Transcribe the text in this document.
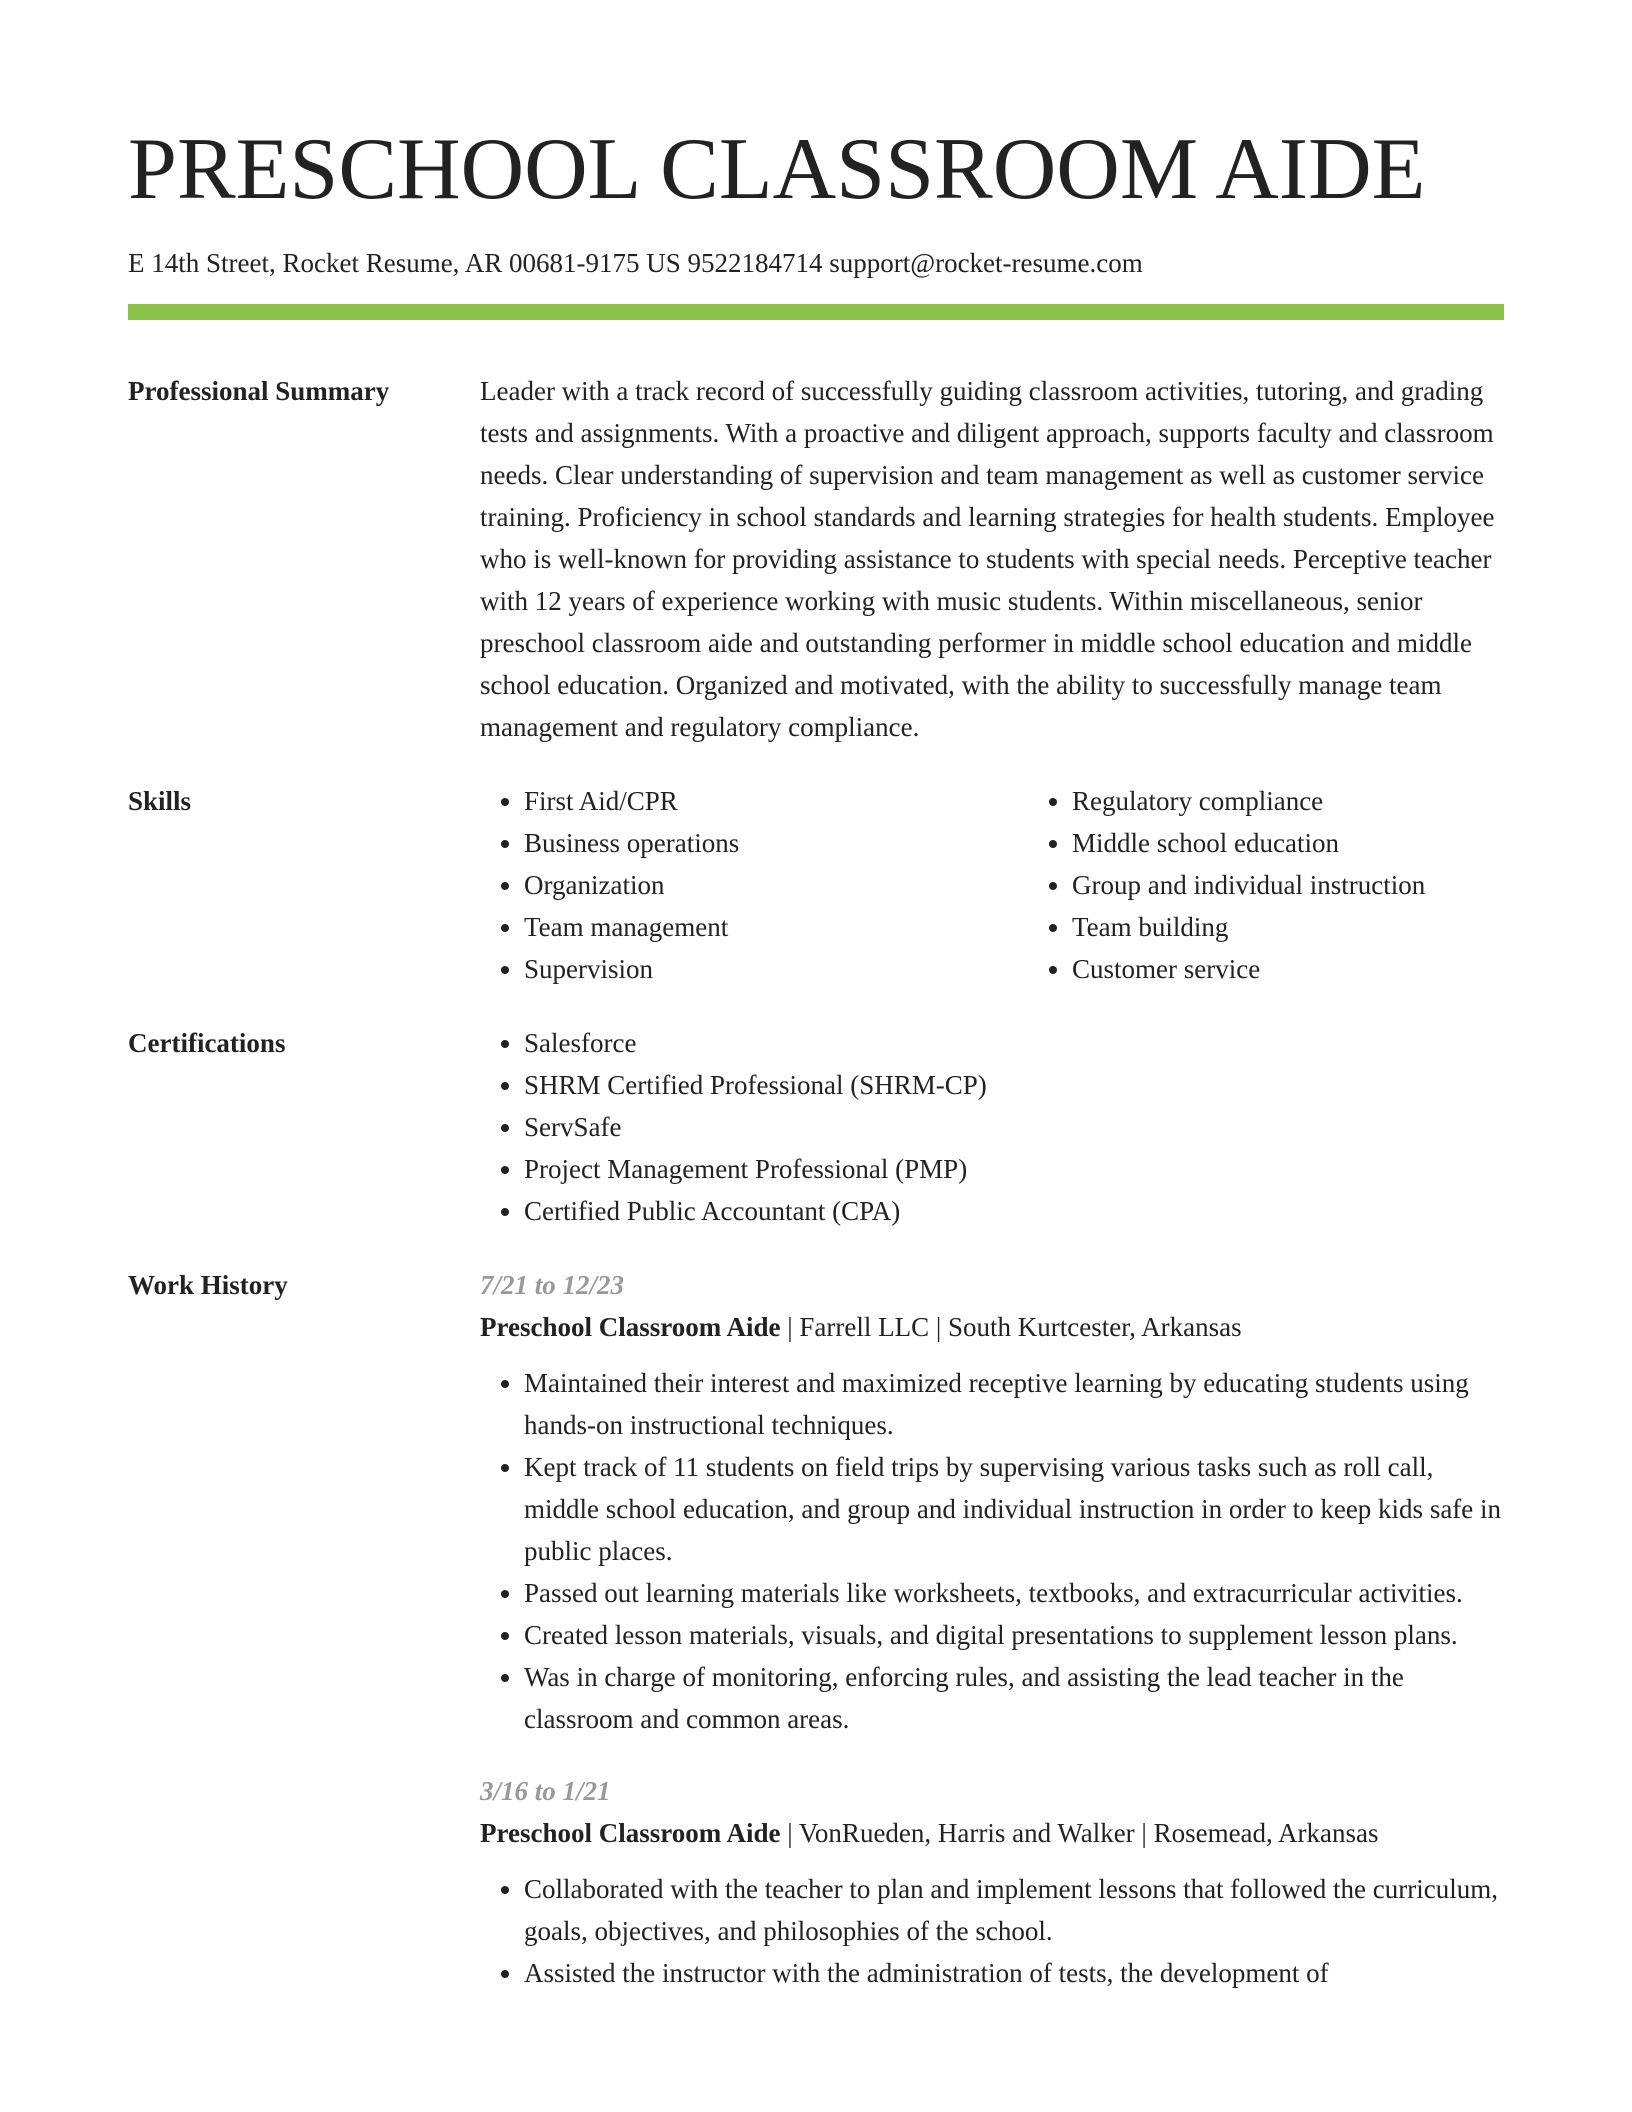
PRESCHOOL CLASSROOM AIDE
E 14th Street, Rocket Resume, AR 00681-9175 US 9522184714 support@rocket-resume.com
Professional Summary	Leader with a track record of successfully guiding classroom activities, tutoring, and grading tests and assignments. With a proactive and diligent approach, supports faculty and classroom needs. Clear understanding of supervision and team management as well as customer service training. Proficiency in school standards and learning strategies for health students. Employee who is well-known for providing assistance to students with special needs. Perceptive teacher with 12 years of experience working with music students. Within miscellaneous, senior preschool classroom aide and outstanding performer in middle school education and middle school education. Organized and motivated, with the ability to successfully manage team management and regulatory compliance.

Skills	• First Aid/CPR
• Business operations
• Organization
• Team management
• Supervision
• Regulatory compliance
• Middle school education
• Group and individual instruction
• Team building
• Customer service
Certifications	• Salesforce
• SHRM Certified Professional (SHRM-CP)
• ServSafe
• Project Management Professional (PMP)
• Certified Public Accountant (CPA)
Work History	7/21 to 12/23
Preschool Classroom Aide | Farrell LLC | South Kurtcester, Arkansas
• Maintained their interest and maximized receptive learning by educating students using hands-on instructional techniques.
• Kept track of 11 students on field trips by supervising various tasks such as roll call, middle school education, and group and individual instruction in order to keep kids safe in public places.
• Passed out learning materials like worksheets, textbooks, and extracurricular activities.
• Created lesson materials, visuals, and digital presentations to supplement lesson plans.
• Was in charge of monitoring, enforcing rules, and assisting the lead teacher in the classroom and common areas.
3/16 to 1/21
Preschool Classroom Aide | VonRueden, Harris and Walker | Rosemead, Arkansas
• Collaborated with the teacher to plan and implement lessons that followed the curriculum, goals, objectives, and philosophies of the school.
• Assisted the instructor with the administration of tests, the development of
